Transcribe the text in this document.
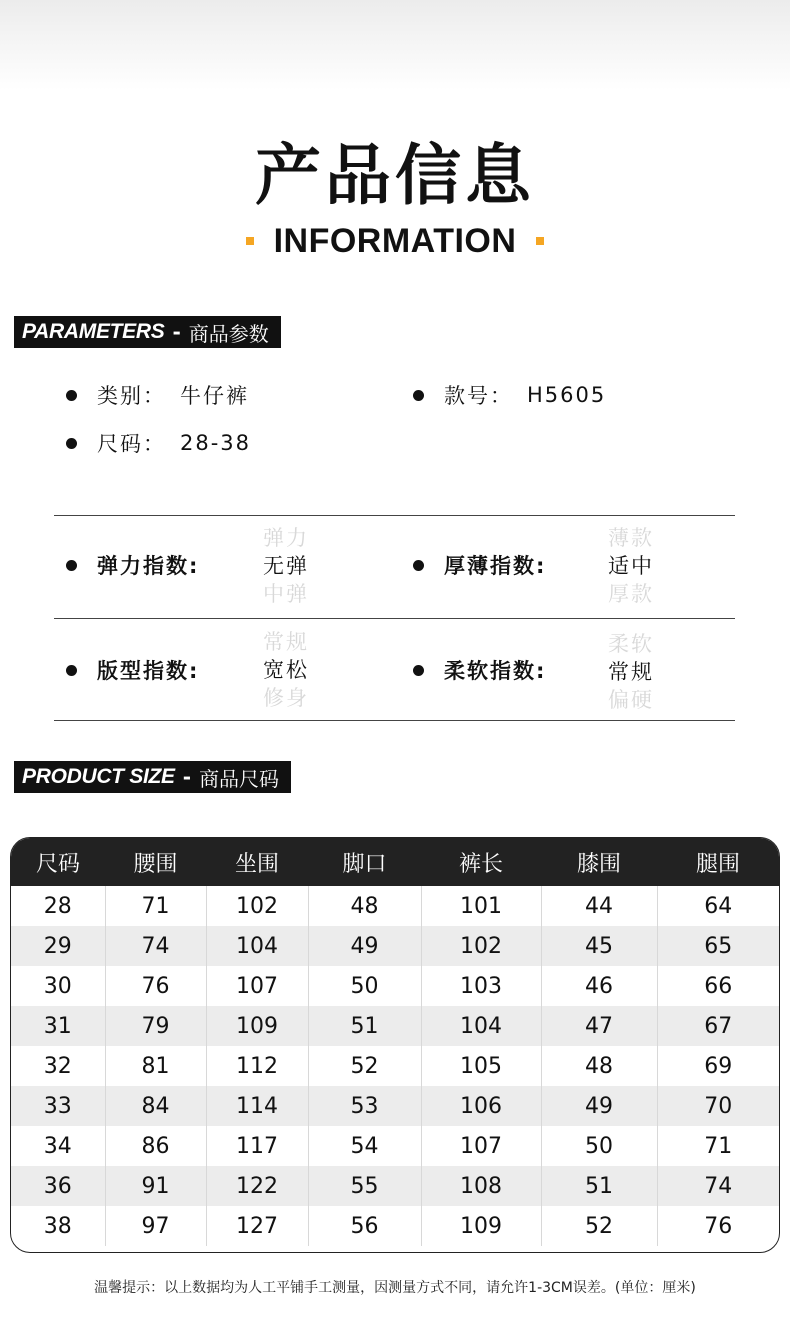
产品信息
INFORMATION
PARAMETERS - 商品参数
类别： 牛仔裤	款号： H5605
尺码： 28-38
弹力指数:
弹力
无弹
中弹
厚薄指数:
薄款
适中
厚款
版型指数:
常规
宽松
修身
柔软指数:
柔软
常规
偏硬
PRODUCT SIZE - 商品尺码
尺码	腰围	坐围	脚口	裤长	膝围	腿围
28	71	102	48	101	44	64
29	74	104	49	102	45	65
30	76	107	50	103	46	66
31	79	109	51	104	47	67
32	81	112	52	105	48	69
33	84	114	53	106	49	70
34	86	117	54	107	50	71
36	91	122	55	108	51	74
38	97	127	56	109	52	76
温馨提示：以上数据均为人工平铺手工测量，因测量方式不同，请允许1-3CM误差。(单位：厘米)
